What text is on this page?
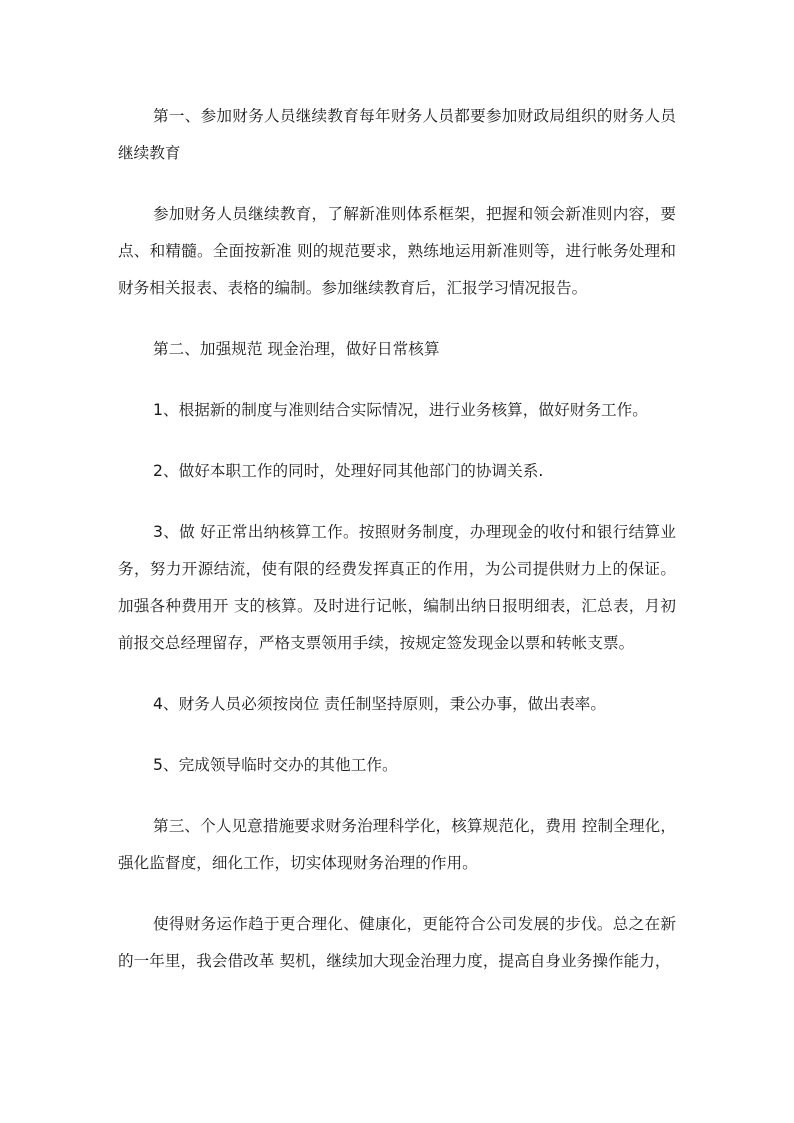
第一、参加财务人员继续教育每年财务人员都要参加财政局组织的财务人员继续教育

参加财务人员继续教育，了解新准则体系框架，把握和领会新准则内容，要点、和精髓。全面按新准 则的规范要求，熟练地运用新准则等，进行帐务处理和财务相关报表、表格的编制。参加继续教育后，汇报学习情况报告。

第二、加强规范 现金治理，做好日常核算

1、根据新的制度与准则结合实际情况，进行业务核算，做好财务工作。

2、做好本职工作的同时，处理好同其他部门的协调关系.

3、做 好正常出纳核算工作。按照财务制度，办理现金的收付和银行结算业务，努力开源结流，使有限的经费发挥真正的作用，为公司提供财力上的保证。加强各种费用开 支的核算。及时进行记帐，编制出纳日报明细表，汇总表，月初前报交总经理留存，严格支票领用手续，按规定签发现金以票和转帐支票。

4、财务人员必须按岗位 责任制坚持原则，秉公办事，做出表率。

5、完成领导临时交办的其他工作。

第三、个人见意措施要求财务治理科学化，核算规范化，费用 控制全理化，强化监督度，细化工作，切实体现财务治理的作用。

使得财务运作趋于更合理化、健康化，更能符合公司发展的步伐。总之在新的一年里，我会借改革 契机，继续加大现金治理力度，提高自身业务操作能力，
